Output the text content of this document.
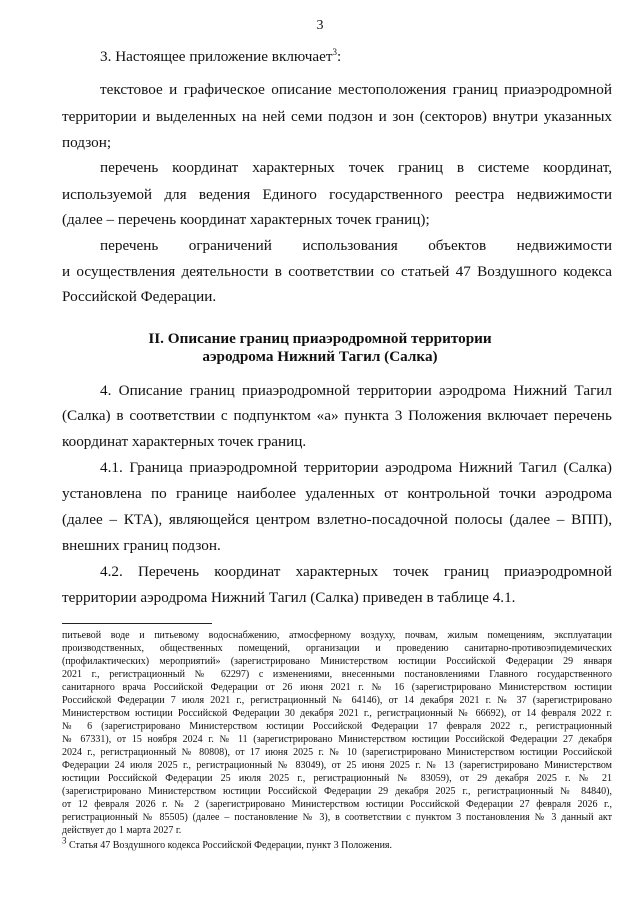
3
3. Настоящее приложение включает$^3$:
текстовое и графическое описание местоположения границ приаэродромной
территории и выделенных на ней семи подзон и зон (секторов) внутри указанных
подзон;
перечень координат характерных точек границ в системе координат,
используемой для ведения Единого государственного реестра недвижимости
(далее – перечень координат характерных точек границ);
перечень ограничений использования объектов недвижимости
и осуществления деятельности в соответствии со статьей 47 Воздушного кодекса
Российской Федерации.
II. Описание границ приаэродромной территории
аэродрома Нижний Тагил (Салка)
4. Описание границ приаэродромной территории аэродрома Нижний Тагил
(Салка) в соответствии с подпунктом «а» пункта 3 Положения включает перечень
координат характерных точек границ.
4.1. Граница приаэродромной территории аэродрома Нижний Тагил (Салка)
установлена по границе наиболее удаленных от контрольной точки аэродрома
(далее – КТА), являющейся центром взлетно-посадочной полосы (далее – ВПП),
внешних границ подзон.
4.2. Перечень координат характерных точек границ приаэродромной
территории аэродрома Нижний Тагил (Салка) приведен в таблице 4.1.
питьевой воде и питьевому водоснабжению, атмосферному воздуху, почвам, жилым помещениям, эксплуатации
производственных, общественных помещений, организации и проведению санитарно-противоэпидемических
(профилактических) мероприятий» (зарегистрировано Министерством юстиции Российской Федерации 29 января
2021 г., регистрационный № 62297) с изменениями, внесенными постановлениями Главного государственного
санитарного врача Российской Федерации от 26 июня 2021 г. № 16 (зарегистрировано Министерством юстиции
Российской Федерации 7 июля 2021 г., регистрационный № 64146), от 14 декабря 2021 г. № 37 (зарегистрировано
Министерством юстиции Российской Федерации 30 декабря 2021 г., регистрационный № 66692), от 14 февраля 2022 г.
№ 6 (зарегистрировано Министерством юстиции Российской Федерации 17 февраля 2022 г., регистрационный
№ 67331), от 15 ноября 2024 г. № 11 (зарегистрировано Министерством юстиции Российской Федерации 27 декабря
2024 г., регистрационный № 80808), от 17 июня 2025 г. № 10 (зарегистрировано Министерством юстиции Российской
Федерации 24 июля 2025 г., регистрационный № 83049), от 25 июня 2025 г. № 13 (зарегистрировано Министерством
юстиции Российской Федерации 25 июля 2025 г., регистрационный № 83059), от 29 декабря 2025 г. № 21
(зарегистрировано Министерством юстиции Российской Федерации 29 декабря 2025 г., регистрационный № 84840),
от 12 февраля 2026 г. № 2 (зарегистрировано Министерством юстиции Российской Федерации 27 февраля 2026 г.,
регистрационный № 85505) (далее – постановление № 3), в соответствии с пунктом 3 постановления № 3 данный акт
действует до 1 марта 2027 г.
$^3$ Статья 47 Воздушного кодекса Российской Федерации, пункт 3 Положения.
